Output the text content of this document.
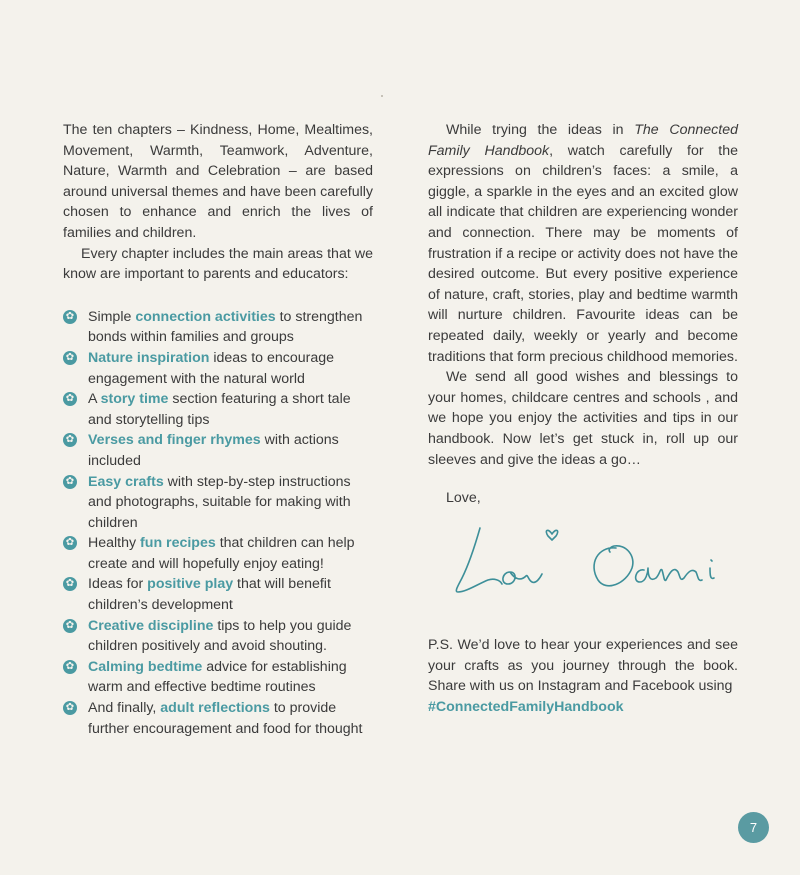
The ten chapters – Kindness, Home, Mealtimes, Movement, Warmth, Teamwork, Adventure, Nature, Warmth and Celebration – are based around universal themes and have been carefully chosen to enhance and enrich the lives of families and children.

Every chapter includes the main areas that we know are important to parents and educators:

✿
Simple connection activities to strengthen bonds within families and groups
✿
Nature inspiration ideas to encourage engagement with the natural world
✿
A story time section featuring a short tale and storytelling tips
✿
Verses and finger rhymes with actions included
✿
Easy crafts with step-by-step instructions and photographs, suitable for making with children
✿
Healthy fun recipes that children can help create and will hopefully enjoy eating!
✿
Ideas for positive play that will benefit children’s development
✿
Creative discipline tips to help you guide children positively and avoid shouting.
✿
Calming bedtime advice for establishing warm and effective bedtime routines
✿
And finally, adult reflections to provide further encouragement and food for thought

While trying the ideas in The Connected Family Handbook, watch carefully for the expressions on children’s faces: a smile, a giggle, a sparkle in the eyes and an excited glow all indicate that children are experiencing wonder and connection. There may be moments of frustration if a recipe or activity does not have the desired outcome. But every positive experience of nature, craft, stories, play and bedtime warmth will nurture children. Favourite ideas can be repeated daily, weekly or yearly and become traditions that form precious childhood memories.

We send all good wishes and blessings to your homes, childcare centres and schools , and we hope you enjoy the activities and tips in our handbook. Now let’s get stuck in, roll up our sleeves and give the ideas a go…

Love,

P.S. We’d love to hear your experiences and see your crafts as you journey through the book. Share with us on Instagram and Facebook using
#ConnectedFamilyHandbook

7
